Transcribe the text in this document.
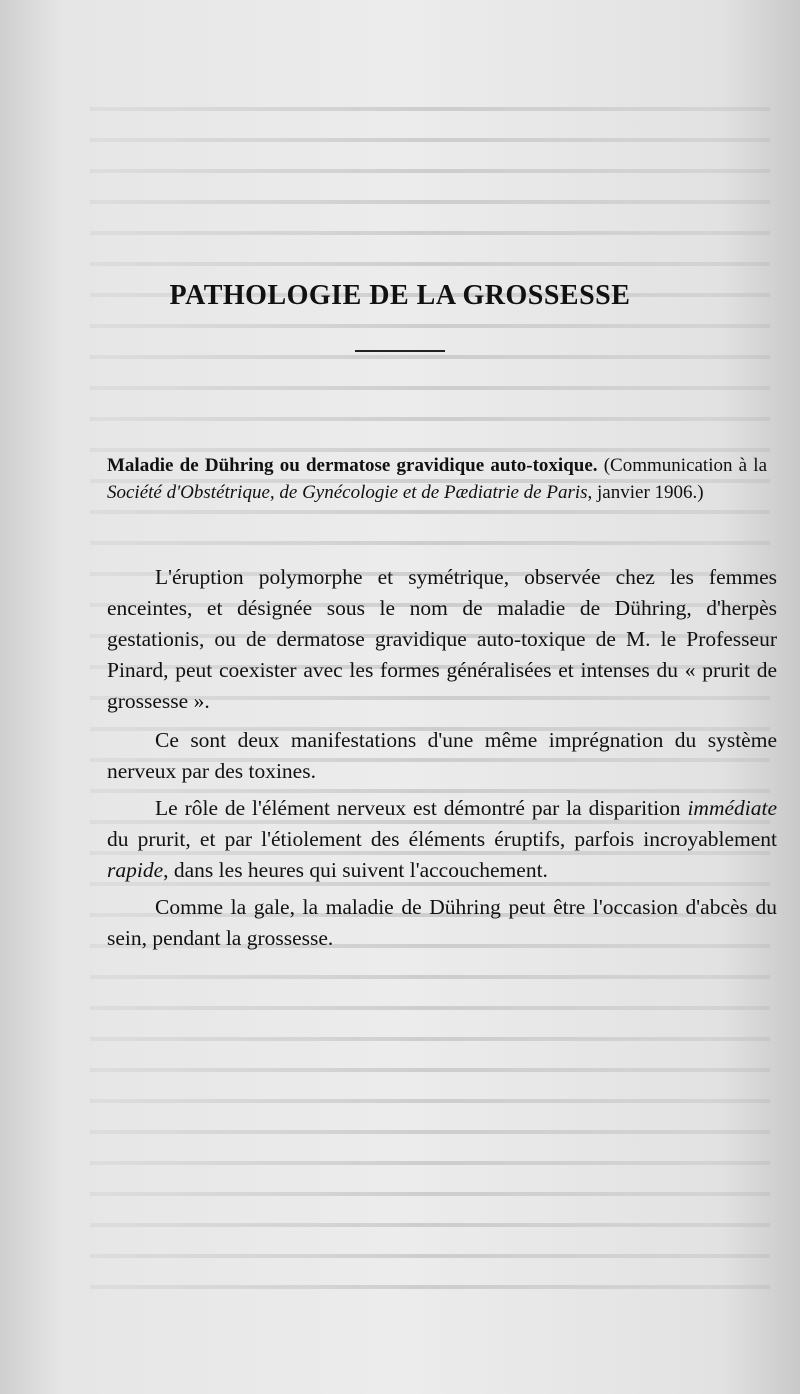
PATHOLOGIE DE LA GROSSESSE
Maladie de Dühring ou dermatose gravidique auto-toxique. (Communication à la Société d'Obstétrique, de Gynécologie et de Pædiatrie de Paris, janvier 1906.)

L'éruption polymorphe et symétrique, observée chez les femmes enceintes, et désignée sous le nom de maladie de Dühring, d'herpès gestationis, ou de dermatose gravidique auto-toxique de M. le Professeur Pinard, peut coexister avec les formes généralisées et intenses du « prurit de grossesse ».

Ce sont deux manifestations d'une même imprégnation du système nerveux par des toxines.

Le rôle de l'élément nerveux est démontré par la disparition immédiate du prurit, et par l'étiolement des éléments éruptifs, parfois incroyablement rapide, dans les heures qui suivent l'accouchement.

Comme la gale, la maladie de Dühring peut être l'occasion d'abcès du sein, pendant la grossesse.
